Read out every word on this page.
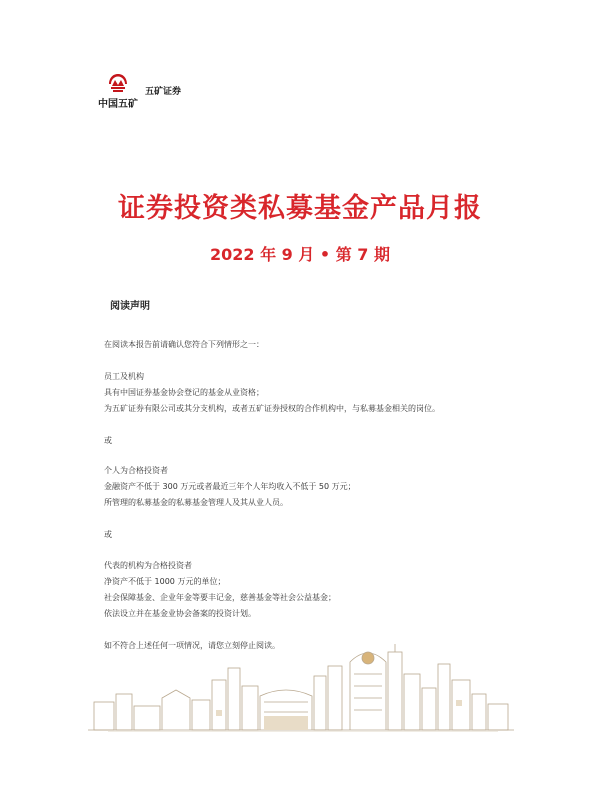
中国五矿
五矿证券
证券投资类私募基金产品月报
2022 年 9 月 • 第 7 期
阅读声明
在阅读本报告前请确认您符合下列情形之一：
员工及机构
具有中国证券基金协会登记的基金从业资格；
为五矿证券有限公司或其分支机构，或者五矿证券授权的合作机构中，与私募基金相关的岗位。
或
个人为合格投资者
金融资产不低于 300 万元或者最近三年个人年均收入不低于 50 万元；
所管理的私募基金的私募基金管理人及其从业人员。
或
代表的机构为合格投资者
净资产不低于 1000 万元的单位；
社会保障基金、企业年金等要丰记金，慈善基金等社会公益基金；
依法设立并在基金业协会备案的投资计划。
如不符合上述任何一项情况，请您立刻停止阅读。
